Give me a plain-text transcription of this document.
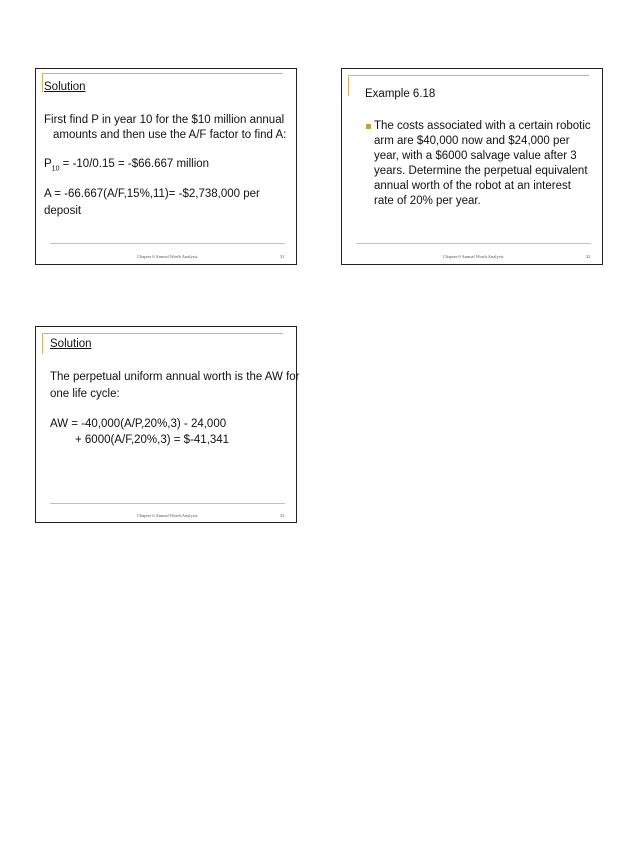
Solution
First find P in year 10 for the $10 million annual
amounts and then use the A/F factor to find A:
$P_{10} = -10/0.15$ = -$66.667 million
A = -66.667(A/F,15%,11)= -$2,738,000 per
deposit
Chapter 6 Annual Worth Analysis	31
Example 6.18
The costs associated with a certain robotic
arm are $40,000 now and $24,000 per
year, with a $6000 salvage value after 3
years. Determine the perpetual equivalent
annual worth of the robot at an interest
rate of 20% per year.
Chapter 6 Annual Worth Analysis	32
Solution
The perpetual uniform annual worth is the AW for
one life cycle:
AW = -40,000(A/P,20%,3) - 24,000
+ 6000(A/F,20%,3) = $-41,341
Chapter 6 Annual Worth Analysis	33
